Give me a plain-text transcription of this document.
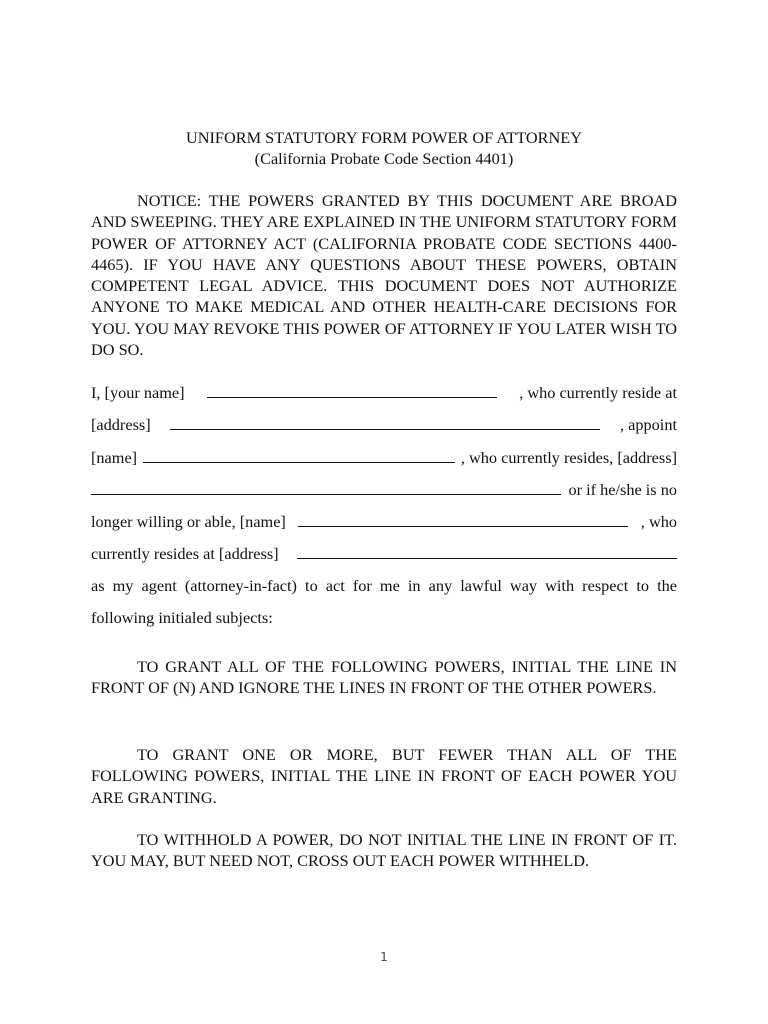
UNIFORM STATUTORY FORM POWER OF ATTORNEY
(California Probate Code Section 4401)

NOTICE: THE POWERS GRANTED BY THIS DOCUMENT ARE BROAD AND SWEEPING. THEY ARE EXPLAINED IN THE UNIFORM STATUTORY FORM POWER OF ATTORNEY ACT (CALIFORNIA PROBATE CODE SECTIONS 4400-4465). IF YOU HAVE ANY QUESTIONS ABOUT THESE POWERS, OBTAIN COMPETENT LEGAL ADVICE. THIS DOCUMENT DOES NOT AUTHORIZE ANYONE TO MAKE MEDICAL AND OTHER HEALTH-CARE DECISIONS FOR YOU. YOU MAY REVOKE THIS POWER OF ATTORNEY IF YOU LATER WISH TO DO SO.

I, [your name]	, who currently reside at
[address]	, appoint
[name]	, who currently resides, [address]
or if he/she is no
longer willing or able, [name]	, who
currently resides at [address]
as my agent (attorney-in-fact) to act for me in any lawful way with respect to the
following initialed subjects:

TO GRANT ALL OF THE FOLLOWING POWERS, INITIAL THE LINE IN FRONT OF (N) AND IGNORE THE LINES IN FRONT OF THE OTHER POWERS.

TO GRANT ONE OR MORE, BUT FEWER THAN ALL OF THE FOLLOWING POWERS, INITIAL THE LINE IN FRONT OF EACH POWER YOU ARE GRANTING.

TO WITHHOLD A POWER, DO NOT INITIAL THE LINE IN FRONT OF IT. YOU MAY, BUT NEED NOT, CROSS OUT EACH POWER WITHHELD.

1
